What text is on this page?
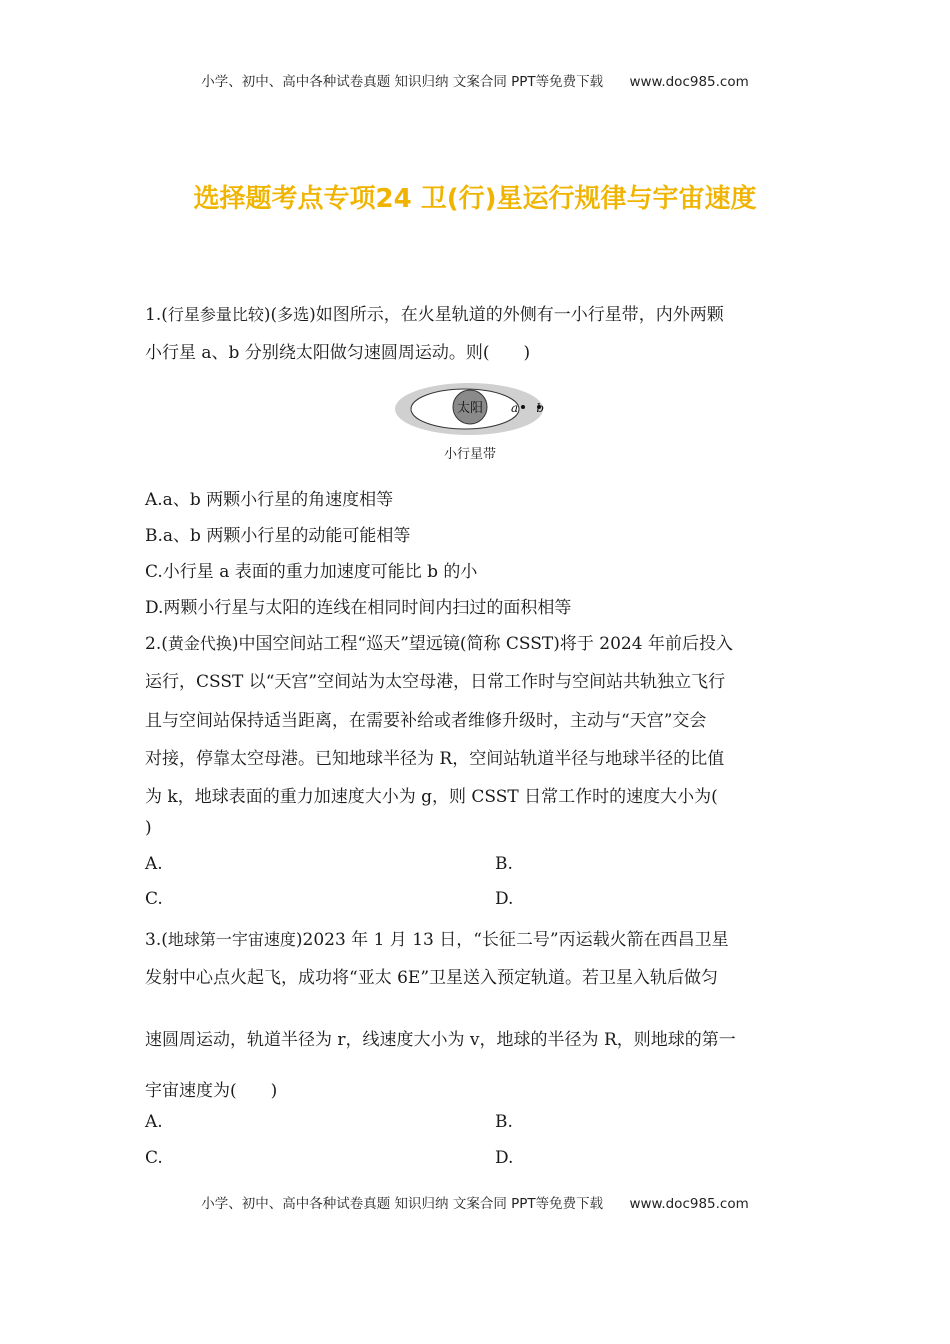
小学、初中、高中各种试卷真题 知识归纳 文案合同 PPT等免费下载 www.doc985.com
选择题考点专项24 卫(行)星运行规律与宇宙速度
1.(行星参量比较)(多选)如图所示，在火星轨道的外侧有一小行星带，内外两颗
小行星 a、b 分别绕太阳做匀速圆周运动。则(　　)
太阳 a b
小行星带
A.a、b 两颗小行星的角速度相等
B.a、b 两颗小行星的动能可能相等
C.小行星 a 表面的重力加速度可能比 b 的小
D.两颗小行星与太阳的连线在相同时间内扫过的面积相等
2.(黄金代换)中国空间站工程“巡天”望远镜(简称 CSST)将于 2024 年前后投入
运行，CSST 以“天宫”空间站为太空母港，日常工作时与空间站共轨独立飞行
且与空间站保持适当距离，在需要补给或者维修升级时，主动与“天宫”交会
对接，停靠太空母港。已知地球半径为 R，空间站轨道半径与地球半径的比值
为 k，地球表面的重力加速度大小为 g，则 CSST 日常工作时的速度大小为(
)
A.	B.
C.	D.
3.(地球第一宇宙速度)2023 年 1 月 13 日，“长征二号”丙运载火箭在西昌卫星
发射中心点火起飞，成功将“亚太 6E”卫星送入预定轨道。若卫星入轨后做匀
速圆周运动，轨道半径为 r，线速度大小为 v，地球的半径为 R，则地球的第一
宇宙速度为(　　)
A.	B.
C.	D.
小学、初中、高中各种试卷真题 知识归纳 文案合同 PPT等免费下载 www.doc985.com
